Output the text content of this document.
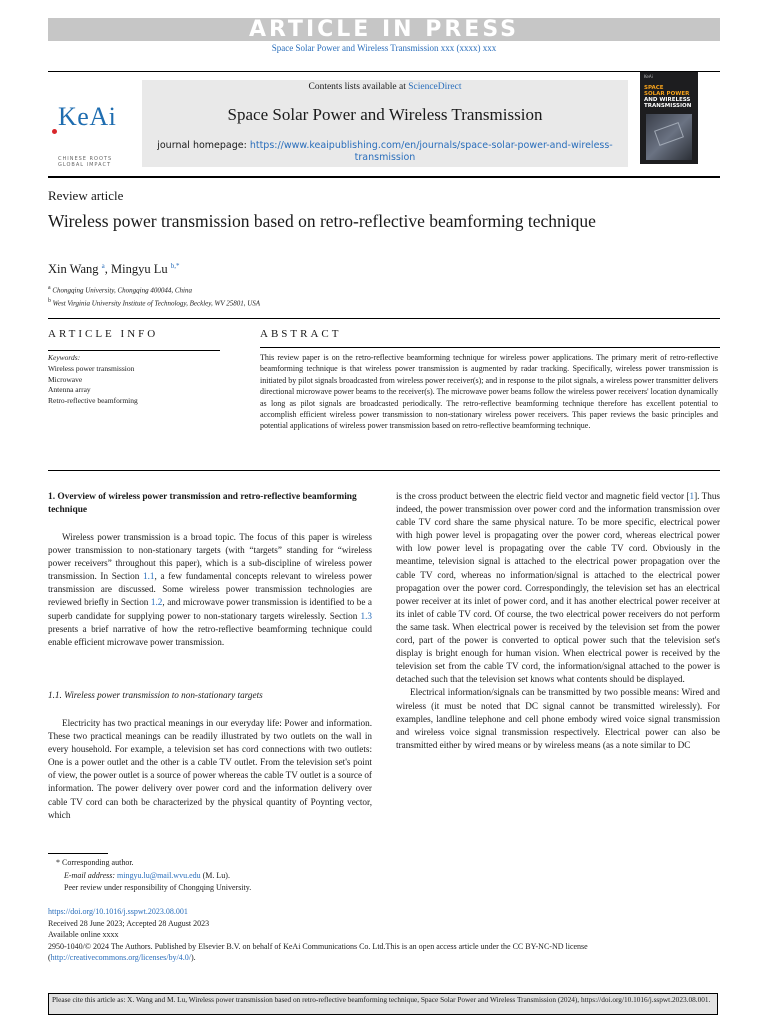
ARTICLE IN PRESS
Space Solar Power and Wireless Transmission xxx (xxxx) xxx
KeAi
CHINESE ROOTS
GLOBAL IMPACT
Contents lists available at ScienceDirect
Space Solar Power and Wireless Transmission
journal homepage: https://www.keaipublishing.com/en/journals/space-solar-power-and-wireless-transmission
KeAi
SPACE
SOLAR POWER
AND WIRELESS
TRANSMISSION
Review article
Wireless power transmission based on retro-reflective beamforming technique
Xin Wang $^a$, Mingyu Lu $^{b,*}$
$^a$ Chongqing University, Chongqing 400044, China
$^b$ West Virginia University Institute of Technology, Beckley, WV 25801, USA
ARTICLE INFO
Keywords:
Wireless power transmission
Microwave
Antenna array
Retro-reflective beamforming
ABSTRACT
This review paper is on the retro-reflective beamforming technique for wireless power applications. The primary merit of retro-reflective beamforming technique is that wireless power transmission is augmented by radar tracking. Specifically, wireless power transmission is initiated by pilot signals broadcasted from wireless power receiver(s); and in response to the pilot signals, a wireless power transmitter delivers directional microwave power beams to the receiver(s). The microwave power beams follow the wireless power receivers' location dynamically as long as pilot signals are broadcasted periodically. The retro-reflective beamforming technique therefore has excellent potential to accomplish efficient wireless power transmission to non-stationary wireless power receivers. This paper reviews the basic principles and potential applications of wireless power transmission based on retro-reflective beamforming technique.
1. Overview of wireless power transmission and retro-reflective beamforming technique

Wireless power transmission is a broad topic. The focus of this paper is wireless power transmission to non-stationary targets (with “targets” standing for “wireless power receivers” throughout this paper), which is a sub-discipline of wireless power transmission. In Section 1.1, a few fundamental concepts relevant to wireless power transmission are discussed. Some wireless power transmission technologies are reviewed briefly in Section 1.2, and microwave power transmission is identified to be a superb candidate for supplying power to non-stationary targets wirelessly. Section 1.3 presents a brief narrative of how the retro-reflective beamforming technique could enable efficient microwave power transmission.

1.1. Wireless power transmission to non-stationary targets

Electricity has two practical meanings in our everyday life: Power and information. These two practical meanings can be readily illustrated by two outlets on the wall in every household. For example, a television set has cord connections with two outlets: One is a power outlet and the other is a cable TV outlet. From the television set's point of view, the power outlet is a source of power whereas the cable TV outlet is a source of information. The power delivery over power cord and the information delivery over cable TV cord can both be characterized by the physical quantity of Poynting vector, which

is the cross product between the electric field vector and magnetic field vector [1]. Thus indeed, the power transmission over power cord and the information transmission over cable TV cord share the same physical nature. To be more specific, electrical power with high power level is propagating over the power cord, whereas electrical power with low power level is propagating over the cable TV cord. Obviously in the meantime, television signal is attached to the electrical power propagation over the cable TV cord, whereas no information/signal is attached to the electrical power propagation over the power cord. Correspondingly, the television set has an electrical power receiver at its inlet of power cord, and it has another electrical power receiver at its inlet of cable TV cord. Of course, the two electrical power receivers do not perform the same task. When electrical power is received by the television set from the power cord, part of the power is converted to optical power such that the television set's display is bright enough for human vision. When electrical power is received by the television set from the cable TV cord, the information/signal attached to the power is detached such that the television set knows what contents should be displayed.

Electrical information/signals can be transmitted by two possible means: Wired and wireless (it must be noted that DC signal cannot be transmitted wirelessly). For examples, landline telephone and cell phone embody wired voice signal transmission and wireless voice signal transmission respectively. Electrical power can also be transmitted either by wired means or by wireless means (as a note similar to DC

* Corresponding author.
E-mail address: mingyu.lu@mail.wvu.edu (M. Lu).
Peer review under responsibility of Chongqing University.
https://doi.org/10.1016/j.sspwt.2023.08.001
Received 28 June 2023; Accepted 28 August 2023
Available online xxxx
2950-1040/© 2024 The Authors. Published by Elsevier B.V. on behalf of KeAi Communications Co. Ltd.This is an open access article under the CC BY-NC-ND license (http://creativecommons.org/licenses/by/4.0/).
Please cite this article as: X. Wang and M. Lu, Wireless power transmission based on retro-reflective beamforming technique, Space Solar Power and Wireless Transmission (2024), https://doi.org/10.1016/j.sspwt.2023.08.001.
